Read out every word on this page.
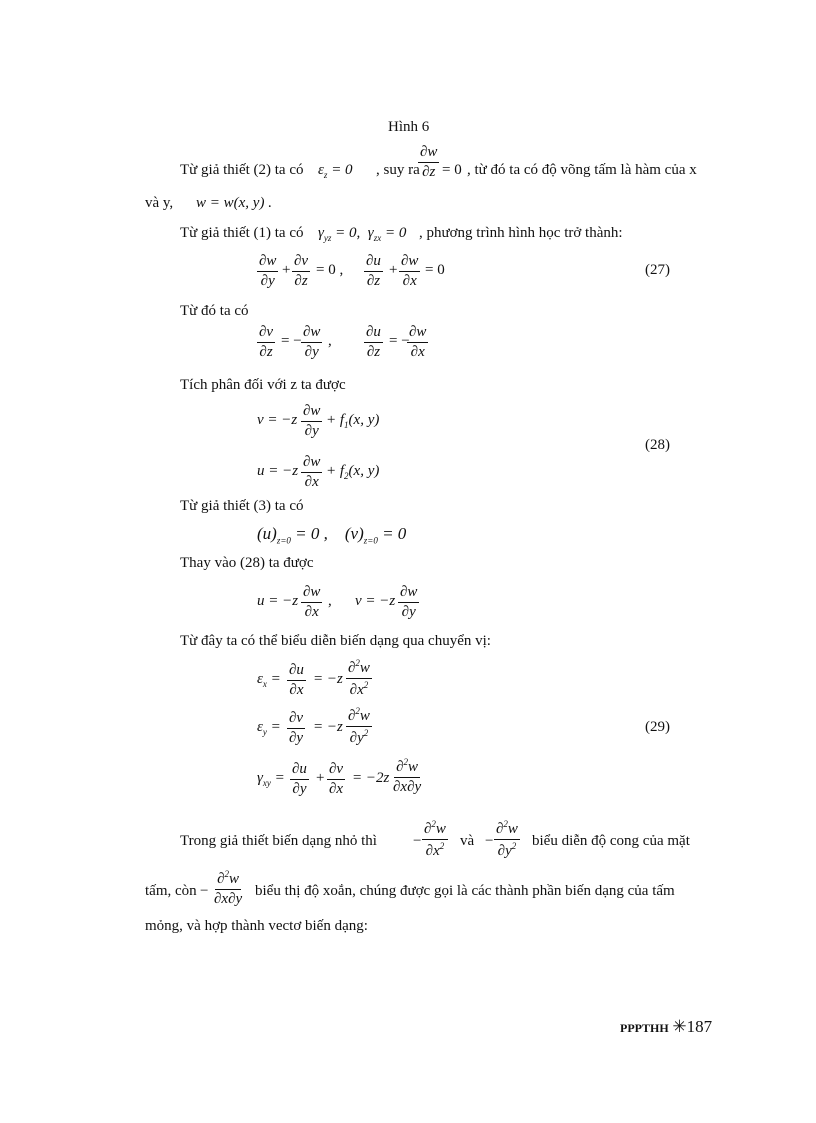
Hình 6
Từ giả thiết (2) ta có $\varepsilon_z = 0$ , suy ra
$\frac{\partial w}{\partial z} = 0$ , từ đó ta có độ võng tấm là hàm của x
và y, w = w(x, y) .
Từ giả thiết (1) ta có $\gamma_{yz} = 0$,  $\gamma_{zx} = 0$ , phương trình hình học trở thành:
$\frac{\partial w}{\partial y} + \frac{\partial v}{\partial z} = 0$ , $\frac{\partial u}{\partial z} + \frac{\partial w}{\partial x} = 0$	(27)
Từ đó ta có
$\frac{\partial v}{\partial z}$ = − $\frac{\partial w}{\partial y}$ , $\frac{\partial u}{\partial z}$ = −
$\frac{\partial w}{\partial x}$
Tích phân đối với z ta được
$v = -z \frac{\partial w}{\partial y} + f_1(x$, y)
$u = -z \frac{\partial w}{\partial x} + f_2(x$, y)
(28)
Từ giả thiết (3) ta có
$(u)_{z=0} = 0$ ,    $(v)_{z=0} = 0$
Thay vào (28) ta được
$u = -z \frac{\partial w}{\partial x}$ , $v = -z \frac{\partial w}{\partial y}$
Từ đây ta có thể biểu diễn biến dạng qua chuyển vị:
$\varepsilon_x = \frac{\partial u}{\partial x} = -z \frac{\partial^2w}{\partial x^2}$
$\varepsilon_y = \frac{\partial v}{\partial y} = -z \frac{\partial^2w}{\partial y^2}$	(29)
$\gamma_{xy} = \frac{\partial u}{\partial y} + \frac{\partial v}{\partial x} = -2z \frac{\partial^2w}{\partial x\partial y}$
Trong giả thiết biến dạng nhỏ thì − $\frac{\partial^2w}{\partial x^2}$ và − $\frac{\partial^2w}{\partial y^2}$ biểu diễn độ cong của mặt
tấm, còn − $\frac{\partial^2w}{\partial x\partial y}$ biểu thị độ xoắn, chúng được gọi là các thành phần biến dạng của tấm
mỏng, và hợp thành vectơ biến dạng:
PPPTHH ✳187
